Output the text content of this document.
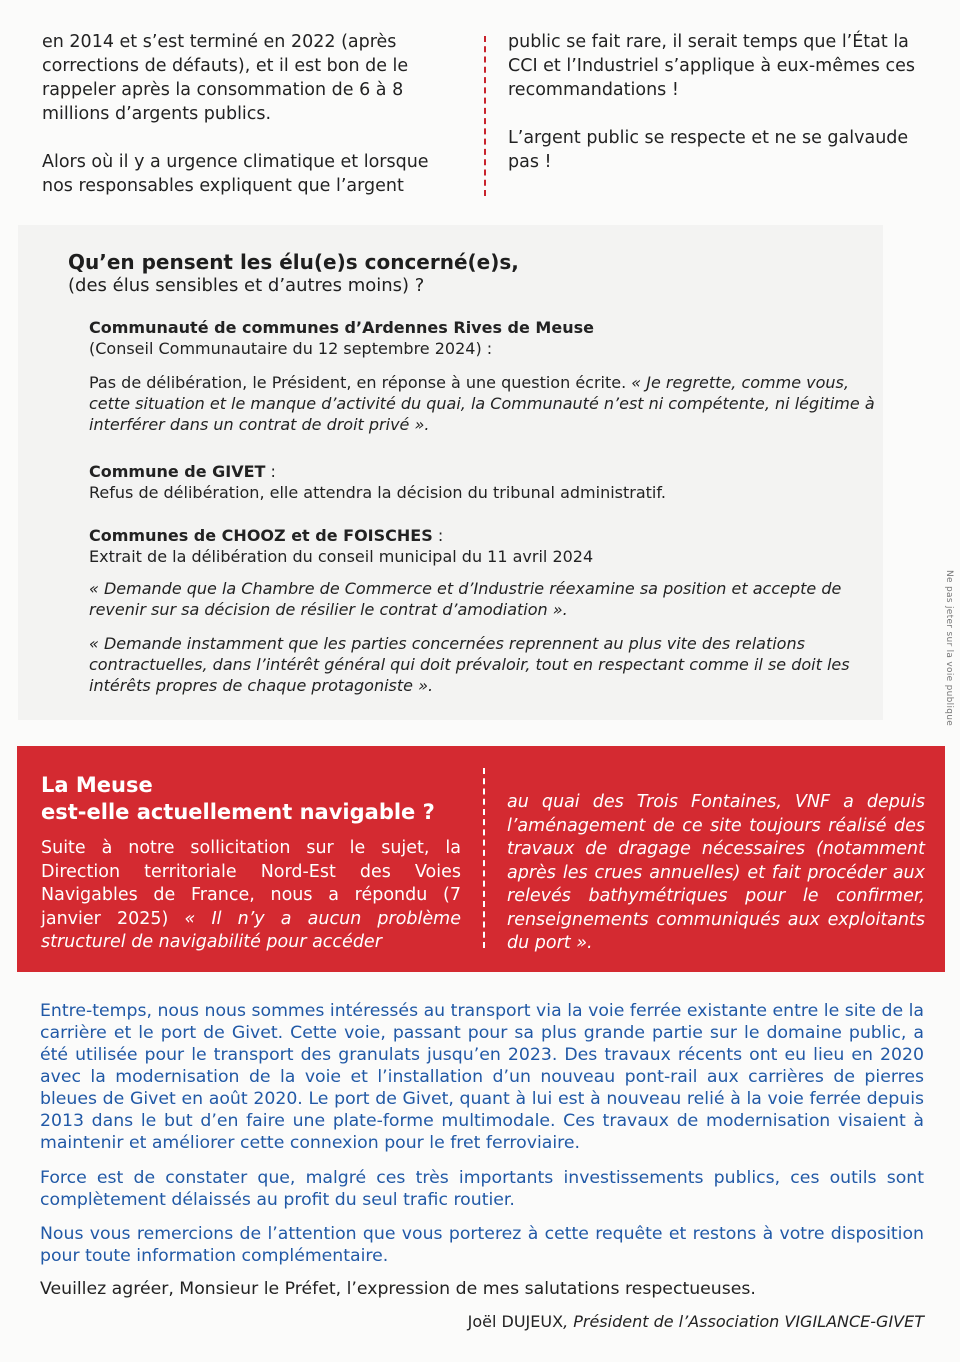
en 2014 et s’est terminé en 2022 (après corrections de défauts), et il est bon de le rappeler après la consommation de 6 à 8 millions d’argents publics.

Alors où il y a urgence climatique et lorsque nos responsables expliquent que l’argent

public se fait rare, il serait temps que l’État la CCI et l’Industriel s’applique à eux-mêmes ces recommandations !

L’argent public se respecte et ne se galvaude pas !

Qu’en pensent les élu(e)s concerné(e)s,
(des élus sensibles et d’autres moins) ?
Communauté de communes d’Ardennes Rives de Meuse
(Conseil Communautaire du 12 septembre 2024) :

Pas de délibération, le Président, en réponse à une question écrite. « Je regrette, comme vous, cette situation et le manque d’activité du quai, la Communauté n’est ni compétente, ni légitime à interférer dans un contrat de droit privé ».

Commune de GIVET :
Refus de délibération, elle attendra la décision du tribunal administratif.
Communes de CHOOZ et de FOISCHES :
Extrait de la délibération du conseil municipal du 11 avril 2024

« Demande que la Chambre de Commerce et d’Industrie réexamine sa position et accepte de revenir sur sa décision de résilier le contrat d’amodiation ».

« Demande instamment que les parties concernées reprennent au plus vite des relations contractuelles, dans l’intérêt général qui doit prévaloir, tout en respectant comme il se doit les intérêts propres de chaque protagoniste ».

La Meuse
est-elle actuellement navigable ?
Suite à notre sollicitation sur le sujet, la Direction territoriale Nord-Est des Voies Navigables de France, nous a répondu (7 janvier 2025) « Il n’y a aucun problème structurel de navigabilité pour accéder
au quai des Trois Fontaines, VNF a depuis l’aménagement de ce site toujours réalisé des travaux de dragage nécessaires (notamment après les crues annuelles) et fait procéder aux relevés bathymétriques pour le confirmer, renseignements communiqués aux exploitants du port ».

Entre-temps, nous nous sommes intéressés au transport via la voie ferrée existante entre le site de la carrière et le port de Givet. Cette voie, passant pour sa plus grande partie sur le domaine public, a été utilisée pour le transport des granulats jusqu’en 2023. Des travaux récents ont eu lieu en 2020 avec la modernisation de la voie et l’installation d’un nouveau pont-rail aux carrières de pierres bleues de Givet en août 2020. Le port de Givet, quant à lui est à nouveau relié à la voie ferrée depuis 2013 dans le but d’en faire une plate-forme multimodale. Ces travaux de modernisation visaient à maintenir et améliorer cette connexion pour le fret ferroviaire.

Force est de constater que, malgré ces très importants investissements publics, ces outils sont complètement délaissés au profit du seul trafic routier.

Nous vous remercions de l’attention que vous porterez à cette requête et restons à votre disposition pour toute information complémentaire.

Veuillez agréer, Monsieur le Préfet, l’expression de mes salutations respectueuses.

Joël DUJEUX, Président de l’Association VIGILANCE-GIVET
Ne pas jeter sur la voie publique
